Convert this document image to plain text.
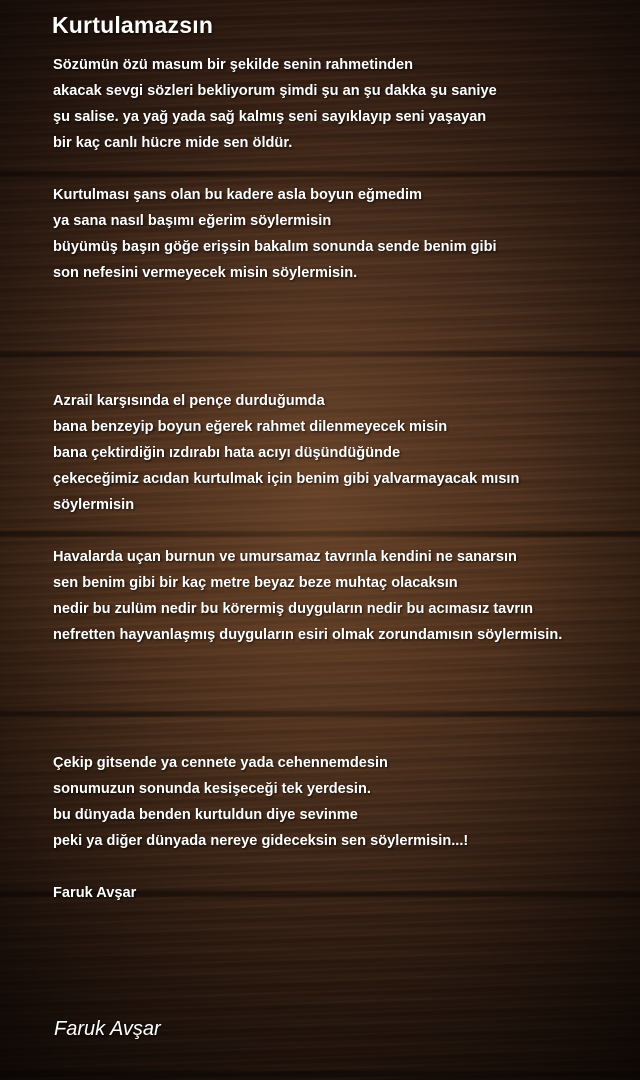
Kurtulamazsın
Sözümün özü masum bir şekilde senin rahmetinden
akacak sevgi sözleri bekliyorum şimdi şu an şu dakka şu saniye
şu salise. ya yağ yada sağ kalmış seni sayıklayıp seni yaşayan
bir kaç canlı hücre mide sen öldür.
Kurtulması şans olan bu kadere asla boyun eğmedim
ya sana nasıl başımı eğerim söylermisin
büyümüş başın göğe erişsin bakalım sonunda sende benim gibi
son nefesini vermeyecek misin söylermisin.
Azrail karşısında el pençe durduğumda
bana benzeyip boyun eğerek rahmet dilenmeyecek misin
bana çektirdiğin ızdırabı hata acıyı düşündüğünde
çekeceğimiz acıdan kurtulmak için benim gibi yalvarmayacak mısın
söylermisin
Havalarda uçan burnun ve umursamaz tavrınla kendini ne sanarsın
sen benim gibi bir kaç metre beyaz beze muhtaç olacaksın
nedir bu zulüm nedir bu körermiş duyguların nedir bu acımasız tavrın
nefretten hayvanlaşmış duyguların esiri olmak zorundamısın söylermisin.
Çekip gitsende ya cennete yada cehennemdesin
sonumuzun sonunda kesişeceği tek yerdesin.
bu dünyada benden kurtuldun diye sevinme
peki ya diğer dünyada nereye gideceksin sen söylermisin...!
Faruk Avşar
Faruk Avşar
